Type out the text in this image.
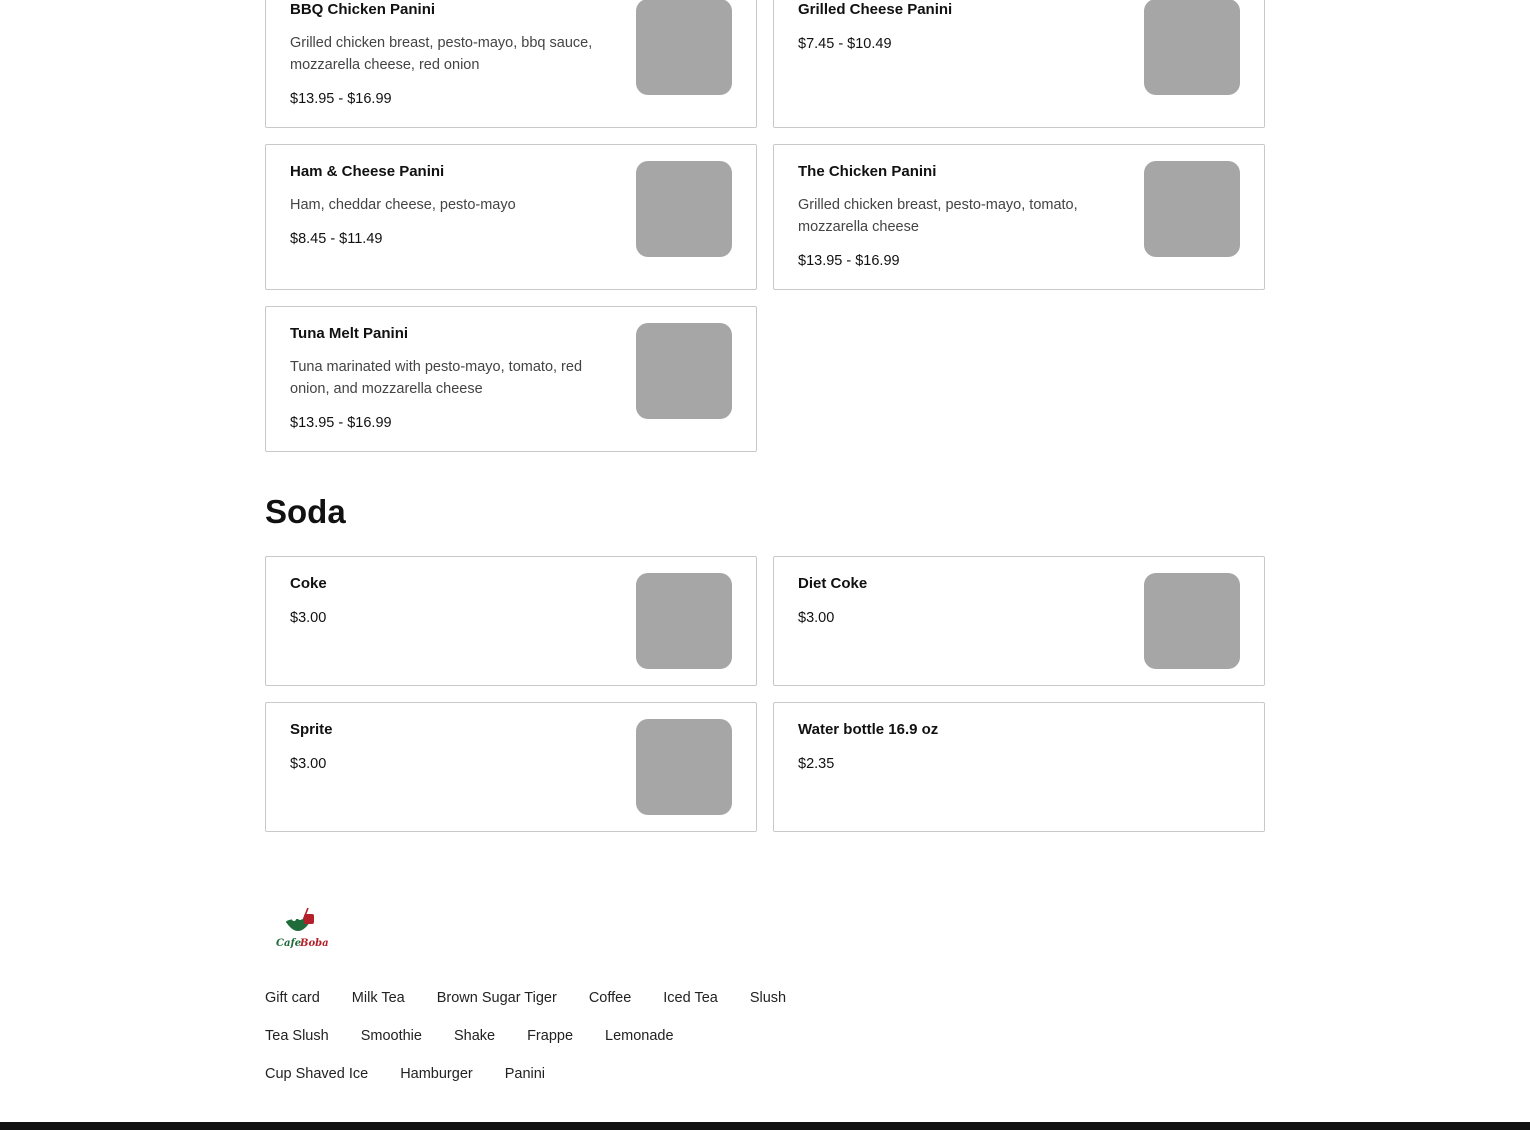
BBQ Chicken Panini
Grilled chicken breast, pesto-mayo, bbq sauce, mozzarella cheese, red onion
$13.95 - $16.99
Grilled Cheese Panini
$7.45 - $10.49
Ham & Cheese Panini
Ham, cheddar cheese, pesto-mayo
$8.45 - $11.49
The Chicken Panini
Grilled chicken breast, pesto-mayo, tomato, mozzarella cheese
$13.95 - $16.99
Tuna Melt Panini
Tuna marinated with pesto-mayo, tomato, red onion, and mozzarella cheese
$13.95 - $16.99
Soda
Coke
$3.00
Diet Coke
$3.00
Sprite
$3.00
Water bottle 16.9 oz
$2.35
Cafe
Boba
Gift card Milk Tea Brown Sugar Tiger Coffee Iced Tea Slush
Tea Slush Smoothie Shake Frappe Lemonade
Cup Shaved Ice Hamburger Panini
